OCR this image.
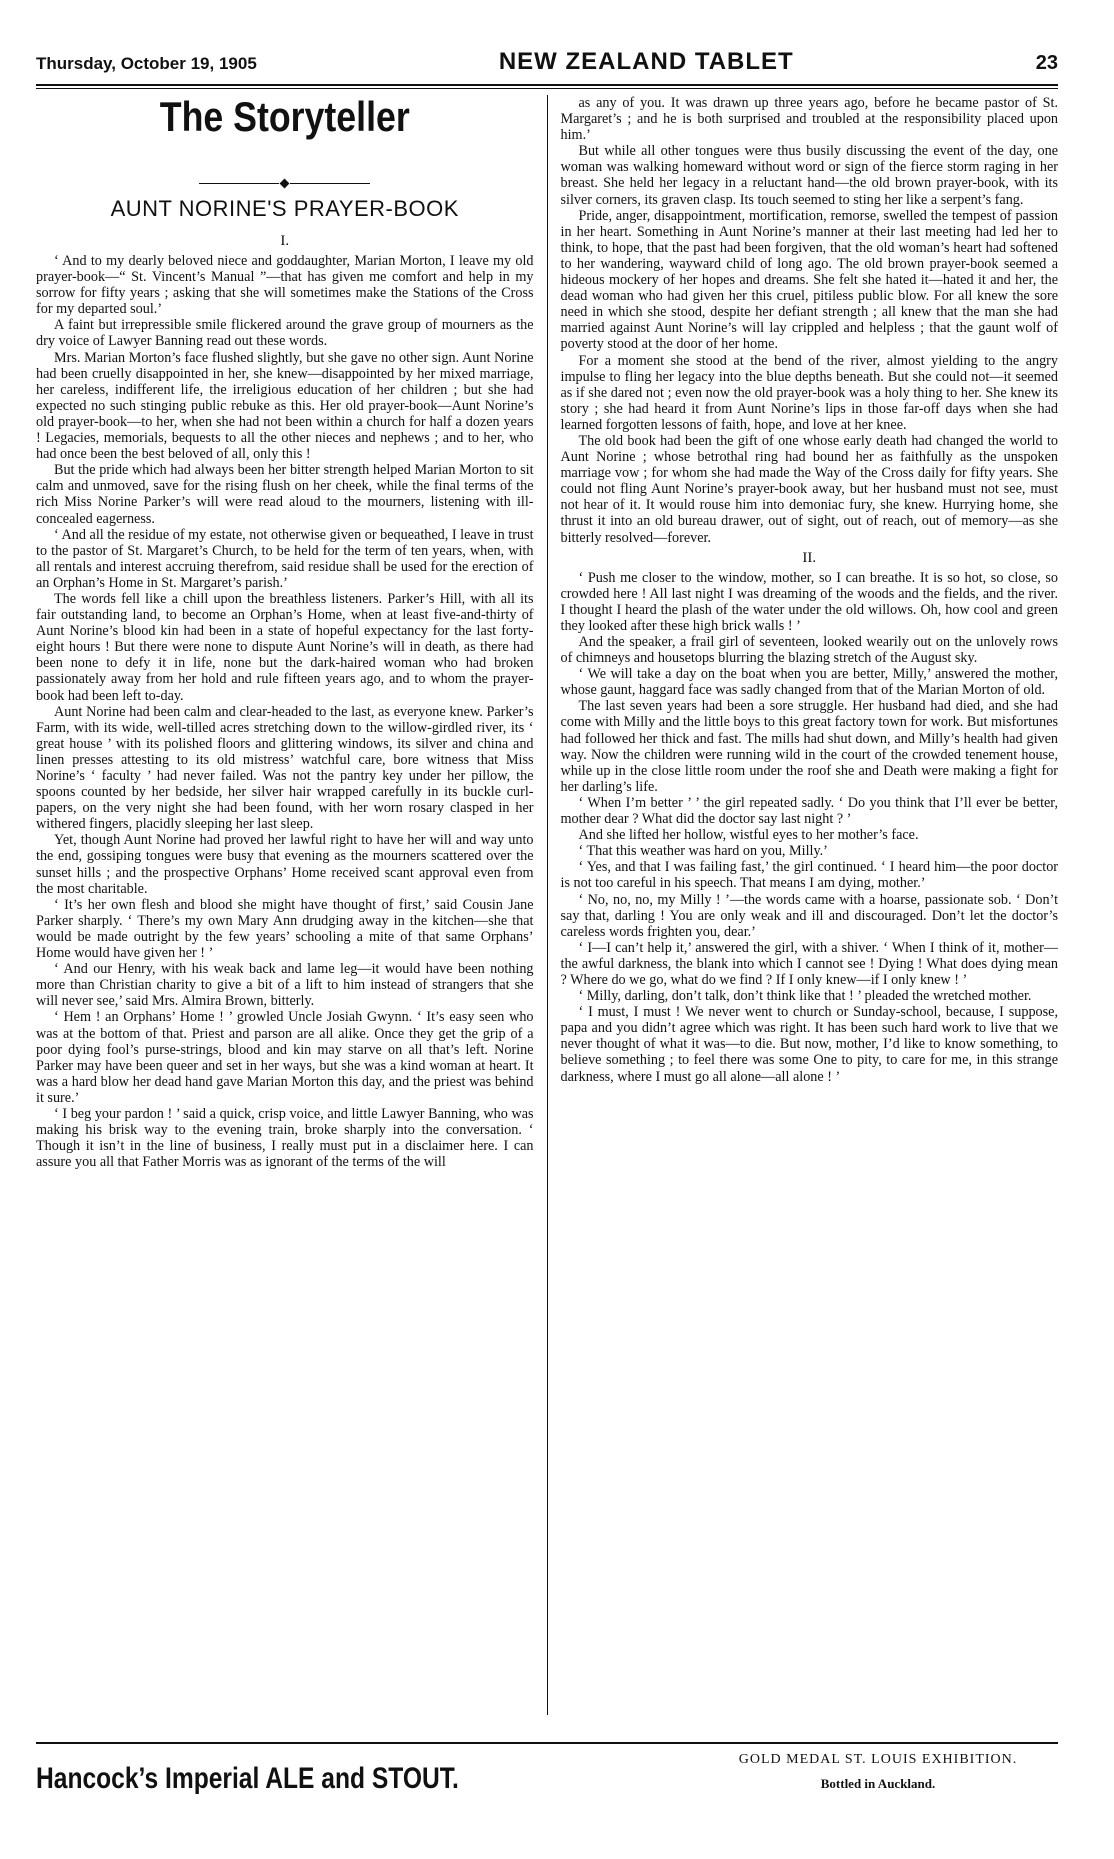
Thursday, October 19, 1905	NEW ZEALAND TABLET	23
The Storyteller
AUNT NORINE'S PRAYER-BOOK
I.

‘ And to my dearly beloved niece and goddaughter, Marian Morton, I leave my old prayer-book—“ St. Vincent’s Manual ”—that has given me comfort and help in my sorrow for fifty years ; asking that she will sometimes make the Stations of the Cross for my departed soul.’

A faint but irrepressible smile flickered around the grave group of mourners as the dry voice of Lawyer Banning read out these words.

Mrs. Marian Morton’s face flushed slightly, but she gave no other sign. Aunt Norine had been cruelly disappointed in her, she knew—disappointed by her mixed marriage, her careless, indifferent life, the irreligious education of her children ; but she had expected no such stinging public rebuke as this. Her old prayer-book—Aunt Norine’s old prayer-book—to her, when she had not been within a church for half a dozen years ! Legacies, memorials, bequests to all the other nieces and nephews ; and to her, who had once been the best beloved of all, only this !

But the pride which had always been her bitter strength helped Marian Morton to sit calm and unmoved, save for the rising flush on her cheek, while the final terms of the rich Miss Norine Parker’s will were read aloud to the mourners, listening with ill-concealed eagerness.

‘ And all the residue of my estate, not otherwise given or bequeathed, I leave in trust to the pastor of St. Margaret’s Church, to be held for the term of ten years, when, with all rentals and interest accruing therefrom, said residue shall be used for the erection of an Orphan’s Home in St. Margaret’s parish.’

The words fell like a chill upon the breathless listeners. Parker’s Hill, with all its fair outstanding land, to become an Orphan’s Home, when at least five-and-thirty of Aunt Norine’s blood kin had been in a state of hopeful expectancy for the last forty-eight hours ! But there were none to dispute Aunt Norine’s will in death, as there had been none to defy it in life, none but the dark-haired woman who had broken passionately away from her hold and rule fifteen years ago, and to whom the prayer-book had been left to-day.

Aunt Norine had been calm and clear-headed to the last, as everyone knew. Parker’s Farm, with its wide, well-tilled acres stretching down to the willow-girdled river, its ‘ great house ’ with its polished floors and glittering windows, its silver and china and linen presses attesting to its old mistress’ watchful care, bore witness that Miss Norine’s ‘ faculty ’ had never failed. Was not the pantry key under her pillow, the spoons counted by her bedside, her silver hair wrapped carefully in its buckle curl-papers, on the very night she had been found, with her worn rosary clasped in her withered fingers, placidly sleeping her last sleep.

Yet, though Aunt Norine had proved her lawful right to have her will and way unto the end, gossiping tongues were busy that evening as the mourners scattered over the sunset hills ; and the prospective Orphans’ Home received scant approval even from the most charitable.

‘ It’s her own flesh and blood she might have thought of first,’ said Cousin Jane Parker sharply. ‘ There’s my own Mary Ann drudging away in the kitchen—she that would be made outright by the few years’ schooling a mite of that same Orphans’ Home would have given her ! ’

‘ And our Henry, with his weak back and lame leg—it would have been nothing more than Christian charity to give a bit of a lift to him instead of strangers that she will never see,’ said Mrs. Almira Brown, bitterly.

‘ Hem ! an Orphans’ Home ! ’ growled Uncle Josiah Gwynn. ‘ It’s easy seen who was at the bottom of that. Priest and parson are all alike. Once they get the grip of a poor dying fool’s purse-strings, blood and kin may starve on all that’s left. Norine Parker may have been queer and set in her ways, but she was a kind woman at heart. It was a hard blow her dead hand gave Marian Morton this day, and the priest was behind it sure.’

‘ I beg your pardon ! ’ said a quick, crisp voice, and little Lawyer Banning, who was making his brisk way to the evening train, broke sharply into the conversation. ‘ Though it isn’t in the line of business, I really must put in a disclaimer here. I can assure you all that Father Morris was as ignorant of the terms of the will

as any of you. It was drawn up three years ago, before he became pastor of St. Margaret’s ; and he is both surprised and troubled at the responsibility placed upon him.’

But while all other tongues were thus busily discussing the event of the day, one woman was walking homeward without word or sign of the fierce storm raging in her breast. She held her legacy in a reluctant hand—the old brown prayer-book, with its silver corners, its graven clasp. Its touch seemed to sting her like a serpent’s fang.

Pride, anger, disappointment, mortification, remorse, swelled the tempest of passion in her heart. Something in Aunt Norine’s manner at their last meeting had led her to think, to hope, that the past had been forgiven, that the old woman’s heart had softened to her wandering, wayward child of long ago. The old brown prayer-book seemed a hideous mockery of her hopes and dreams. She felt she hated it—hated it and her, the dead woman who had given her this cruel, pitiless public blow. For all knew the sore need in which she stood, despite her defiant strength ; all knew that the man she had married against Aunt Norine’s will lay crippled and helpless ; that the gaunt wolf of poverty stood at the door of her home.

For a moment she stood at the bend of the river, almost yielding to the angry impulse to fling her legacy into the blue depths beneath. But she could not—it seemed as if she dared not ; even now the old prayer-book was a holy thing to her. She knew its story ; she had heard it from Aunt Norine’s lips in those far-off days when she had learned forgotten lessons of faith, hope, and love at her knee.

The old book had been the gift of one whose early death had changed the world to Aunt Norine ; whose betrothal ring had bound her as faithfully as the unspoken marriage vow ; for whom she had made the Way of the Cross daily for fifty years. She could not fling Aunt Norine’s prayer-book away, but her husband must not see, must not hear of it. It would rouse him into demoniac fury, she knew. Hurrying home, she thrust it into an old bureau drawer, out of sight, out of reach, out of memory—as she bitterly resolved—forever.

II.

‘ Push me closer to the window, mother, so I can breathe. It is so hot, so close, so crowded here ! All last night I was dreaming of the woods and the fields, and the river. I thought I heard the plash of the water under the old willows. Oh, how cool and green they looked after these high brick walls ! ’

And the speaker, a frail girl of seventeen, looked wearily out on the unlovely rows of chimneys and housetops blurring the blazing stretch of the August sky.

‘ We will take a day on the boat when you are better, Milly,’ answered the mother, whose gaunt, haggard face was sadly changed from that of the Marian Morton of old.

The last seven years had been a sore struggle. Her husband had died, and she had come with Milly and the little boys to this great factory town for work. But misfortunes had followed her thick and fast. The mills had shut down, and Milly’s health had given way. Now the children were running wild in the court of the crowded tenement house, while up in the close little room under the roof she and Death were making a fight for her darling’s life.

‘ When I’m better ’ ’ the girl repeated sadly. ‘ Do you think that I’ll ever be better, mother dear ? What did the doctor say last night ? ’

And she lifted her hollow, wistful eyes to her mother’s face.

‘ That this weather was hard on you, Milly.’

‘ Yes, and that I was failing fast,’ the girl continued. ‘ I heard him—the poor doctor is not too careful in his speech. That means I am dying, mother.’

‘ No, no, no, my Milly ! ’—the words came with a hoarse, passionate sob. ‘ Don’t say that, darling ! You are only weak and ill and discouraged. Don’t let the doctor’s careless words frighten you, dear.’

‘ I—I can’t help it,’ answered the girl, with a shiver. ‘ When I think of it, mother—the awful darkness, the blank into which I cannot see ! Dying ! What does dying mean ? Where do we go, what do we find ? If I only knew—if I only knew ! ’

‘ Milly, darling, don’t talk, don’t think like that ! ’ pleaded the wretched mother.

‘ I must, I must ! We never went to church or Sunday-school, because, I suppose, papa and you didn’t agree which was right. It has been such hard work to live that we never thought of what it was—to die. But now, mother, I’d like to know something, to believe something ; to feel there was some One to pity, to care for me, in this strange darkness, where I must go all alone—all alone ! ’

Hancock’s Imperial ALE and STOUT.
GOLD MEDAL ST. LOUIS EXHIBITION.
Bottled in Auckland.
